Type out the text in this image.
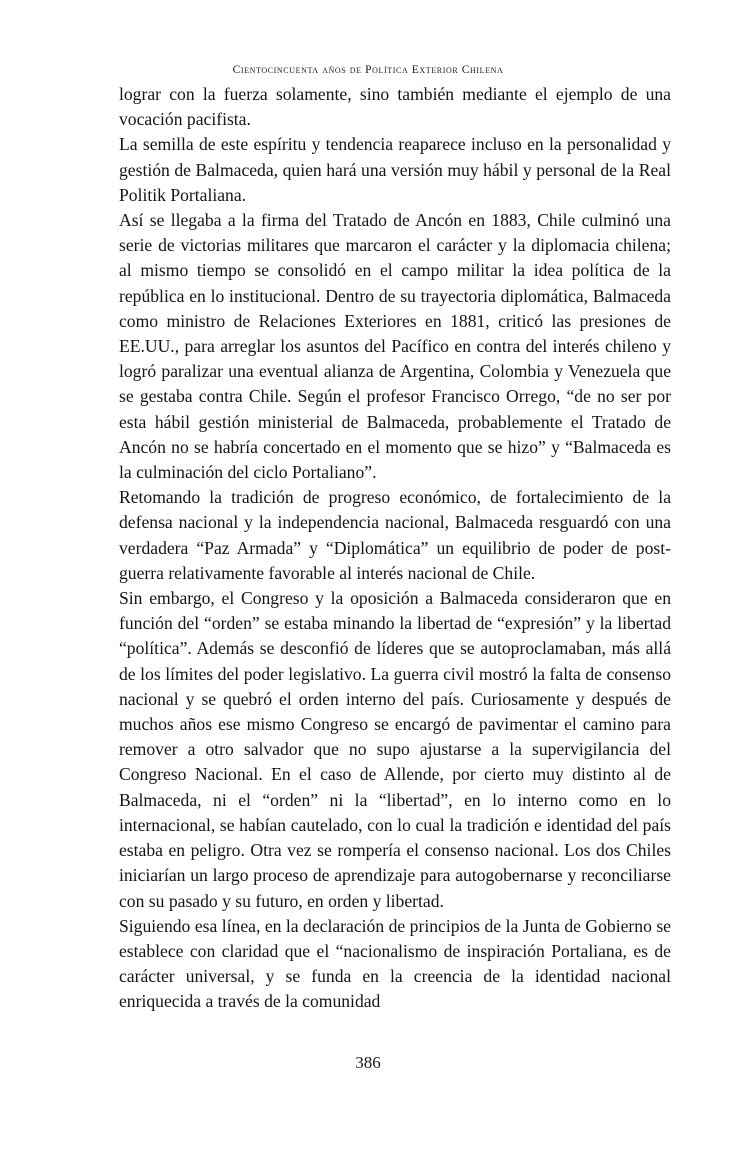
Cientocincuenta años de Política Exterior Chilena

lograr con la fuerza solamente, sino también mediante el ejemplo de una vocación pacifista.

La semilla de este espíritu y tendencia reaparece incluso en la personalidad y gestión de Balmaceda, quien hará una versión muy hábil y personal de la Real Politik Portaliana.

Así se llegaba a la firma del Tratado de Ancón en 1883, Chile culminó una serie de victorias militares que marcaron el carácter y la diplomacia chilena; al mismo tiempo se consolidó en el campo militar la idea política de la república en lo institucional. Dentro de su trayectoria diplomática, Balmaceda como ministro de Relaciones Exteriores en 1881, criticó las presiones de EE.UU., para arreglar los asuntos del Pacífico en contra del interés chileno y logró paralizar una eventual alianza de Argentina, Colombia y Venezuela que se gestaba contra Chile. Según el profesor Francisco Orrego, “de no ser por esta hábil gestión ministerial de Balmaceda, probablemente el Tratado de Ancón no se habría concertado en el momento que se hizo” y “Balmaceda es la culminación del ciclo Portaliano”.

Retomando la tradición de progreso económico, de fortalecimiento de la defensa nacional y la independencia nacional, Balmaceda resguardó con una verdadera “Paz Armada” y “Diplomática” un equilibrio de poder de post-guerra relativamente favorable al interés nacional de Chile.

Sin embargo, el Congreso y la oposición a Balmaceda consideraron que en función del “orden” se estaba minando la libertad de “expresión” y la libertad “política”. Además se desconfió de líderes que se autoproclamaban, más allá de los límites del poder legislativo. La guerra civil mostró la falta de consenso nacional y se quebró el orden interno del país. Curiosamente y después de muchos años ese mismo Congreso se encargó de pavimentar el camino para remover a otro salvador que no supo ajustarse a la supervigilancia del Congreso Nacional. En el caso de Allende, por cierto muy distinto al de Balmaceda, ni el “orden” ni la “libertad”, en lo interno como en lo internacional, se habían cautelado, con lo cual la tradición e identidad del país estaba en peligro. Otra vez se rompería el consenso nacional. Los dos Chiles iniciarían un largo proceso de aprendizaje para autogobernarse y reconciliarse con su pasado y su futuro, en orden y libertad.

Siguiendo esa línea, en la declaración de principios de la Junta de Gobierno se establece con claridad que el “nacionalismo de inspiración Portaliana, es de carácter universal, y se funda en la creencia de la identidad nacional enriquecida a través de la comunidad

386
